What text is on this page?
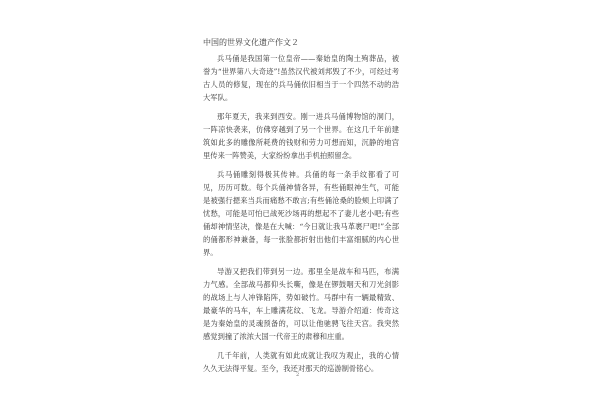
中国的世界文化遗产作文２

兵马俑是我国第一位皇帝——秦始皇的陶土殉葬品，被誉为“世界第八大奇迹”!虽然汉代被刘邦毁了不少，可经过考古人员的修复，现在的兵马俑依旧相当于一个四然不动的浩大军队。

那年夏天，我来到西安。刚一进兵马俑博物馆的洞门，一阵凉快袭来，仿佛穿越到了另一个世界。在这几千年前建筑如此多的雕像所耗费的钱财和劳力可想而知，沉静的地宫里传来一阵赞美，大家纷纷拿出手机拍照留念。

兵马俑雕刻得极其传神。兵俑的每一条手纹都看了可见，历历可数。每个兵俑神情各异，有些俑眼神生气，可能是被强行摁来当兵而痛愁不敢言;有些俑沧桑的脸颊上印满了忧愁，可能是可怕已战死沙场再的想起不了妻儿老小吧;有些俑却神情坚决，像是在大喊：“今日就让我马革裹尸吧!”全部的俑都形神兼备，每一张脸都折射出他们丰富细腻的内心世界。

导游又把我们带到另一边。那里全是战车和马匹，布满力气感。全部战马都仰头长嘶，像是在锣鼓咽天和刀光剑影的战场上与人冲锋陷阵，势如破竹。马群中有一辆最精致、最豪华的马车，车上雕满花纹、飞龙。导游介绍道：传奇这是为秦始皇的灵魂预备的，可以让他驰骋飞往天宫。我突然感觉到撞了浓浓大国一代帝王的肃穆和庄重。

几千年前，人类就有如此成就让我叹为观止，我的心情久久无法得平复。至今，我还对那天的巡游制骨铭心。

2
